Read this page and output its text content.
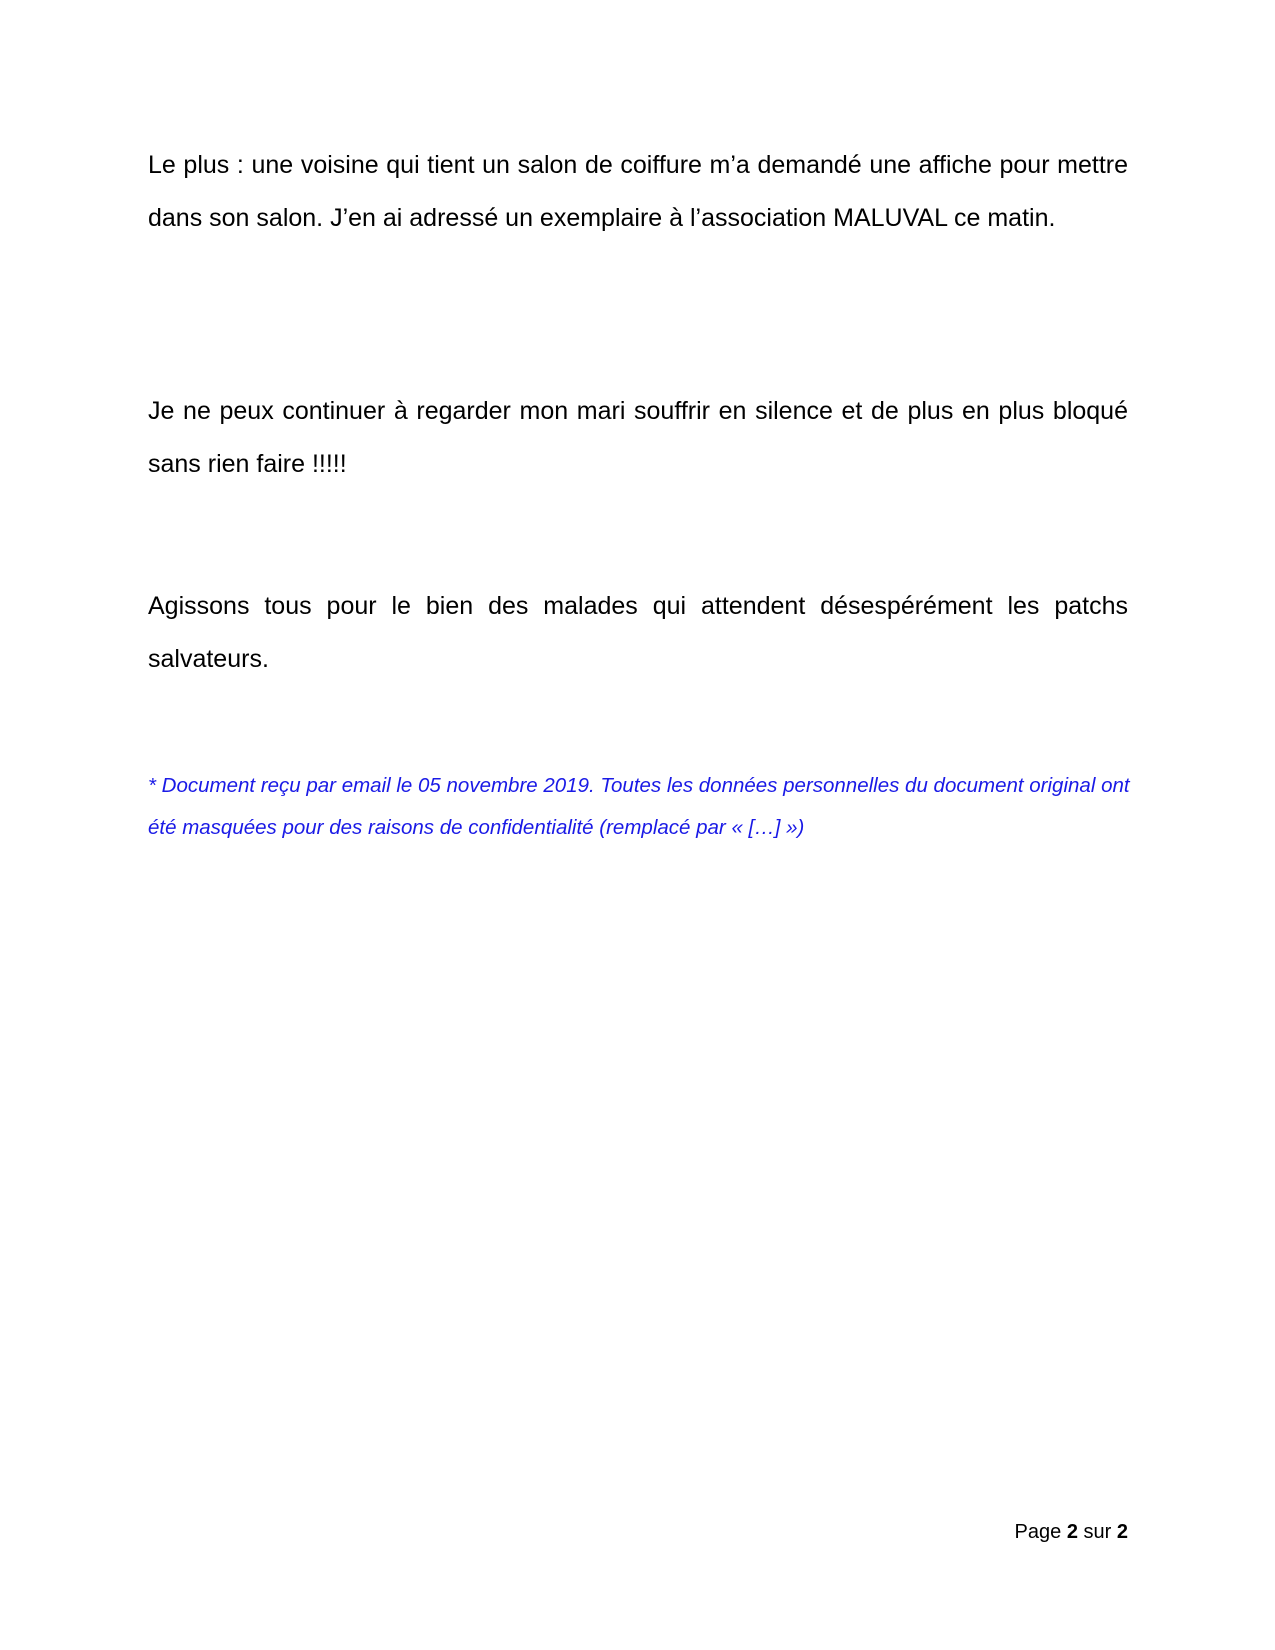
Le plus : une voisine qui tient un salon de coiffure m’a demandé une affiche pour mettre dans son salon. J’en ai adressé un exemplaire à l’association MALUVAL ce matin.

Je ne peux continuer à regarder mon mari souffrir en silence et de plus en plus bloqué sans rien faire !!!!!

Agissons tous pour le bien des malades qui attendent désespérément les patchs salvateurs.

* Document reçu par email le 05 novembre 2019. Toutes les données personnelles du document original ont été masquées pour des raisons de confidentialité (remplacé par « […] »)

Page 2 sur 2
